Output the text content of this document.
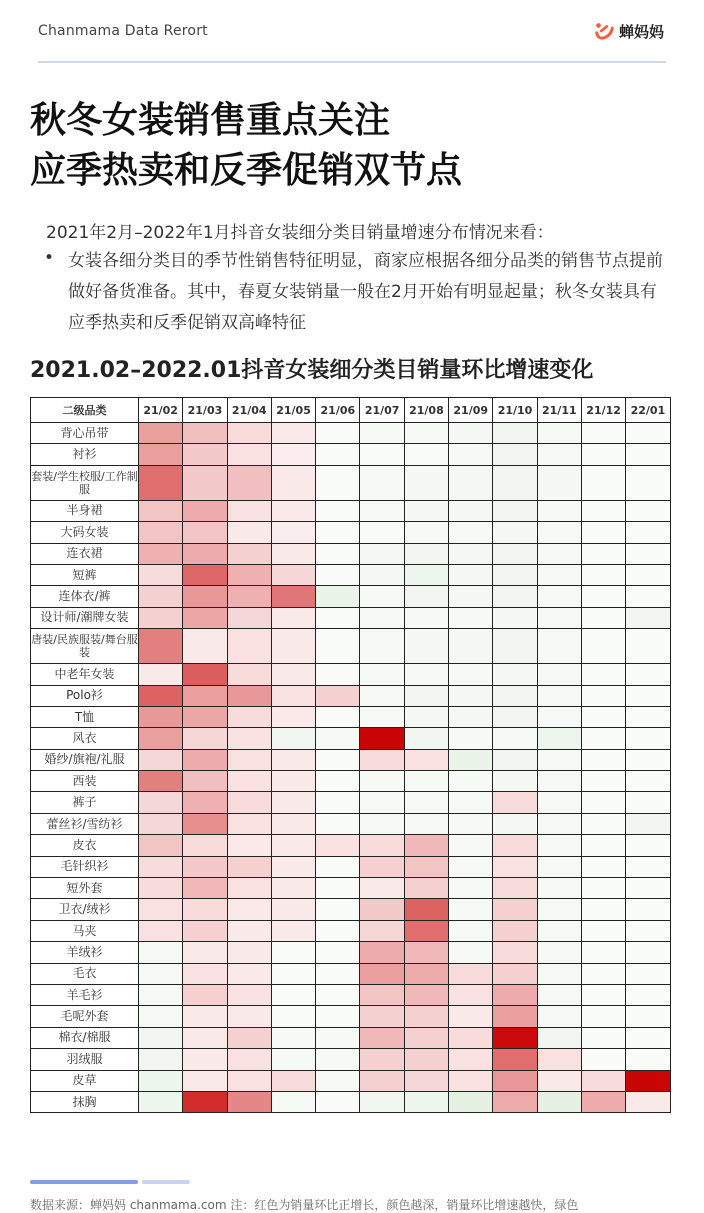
Chanmama Data Rerort	蝉妈妈
秋冬女装销售重点关注
应季热卖和反季促销双节点
2021年2月–2022年1月抖音女装细分类目销量增速分布情况来看：
• 女装各细分类目的季节性销售特征明显，商家应根据各细分品类的销售节点提前做好备货准备。其中，春夏女装销量一般在2月开始有明显起量；秋冬女装具有应季热卖和反季促销双高峰特征
2021.02–2022.01抖音女装细分类目销量环比增速变化
二级品类	21/02	21/03	21/04	21/05	21/06	21/07	21/08	21/09	21/10	21/11	21/12	22/01
背心吊带												
衬衫												
套装/学生校服/工作制服												
半身裙												
大码女装												
连衣裙												
短裤												
连体衣/裤												
设计师/潮牌女装												
唐装/民族服装/舞台服装												
中老年女装												
Polo衫												
T恤												
风衣												
婚纱/旗袍/礼服												
西装												
裤子												
蕾丝衫/雪纺衫												
皮衣												
毛针织衫												
短外套												
卫衣/绒衫												
马夹												
羊绒衫												
毛衣												
羊毛衫												
毛呢外套												
棉衣/棉服												
羽绒服												
皮草												
抹胸												
数据来源：蝉妈妈 chanmama.com 注：红色为销量环比正增长，颜色越深，销量环比增速越快，绿色
